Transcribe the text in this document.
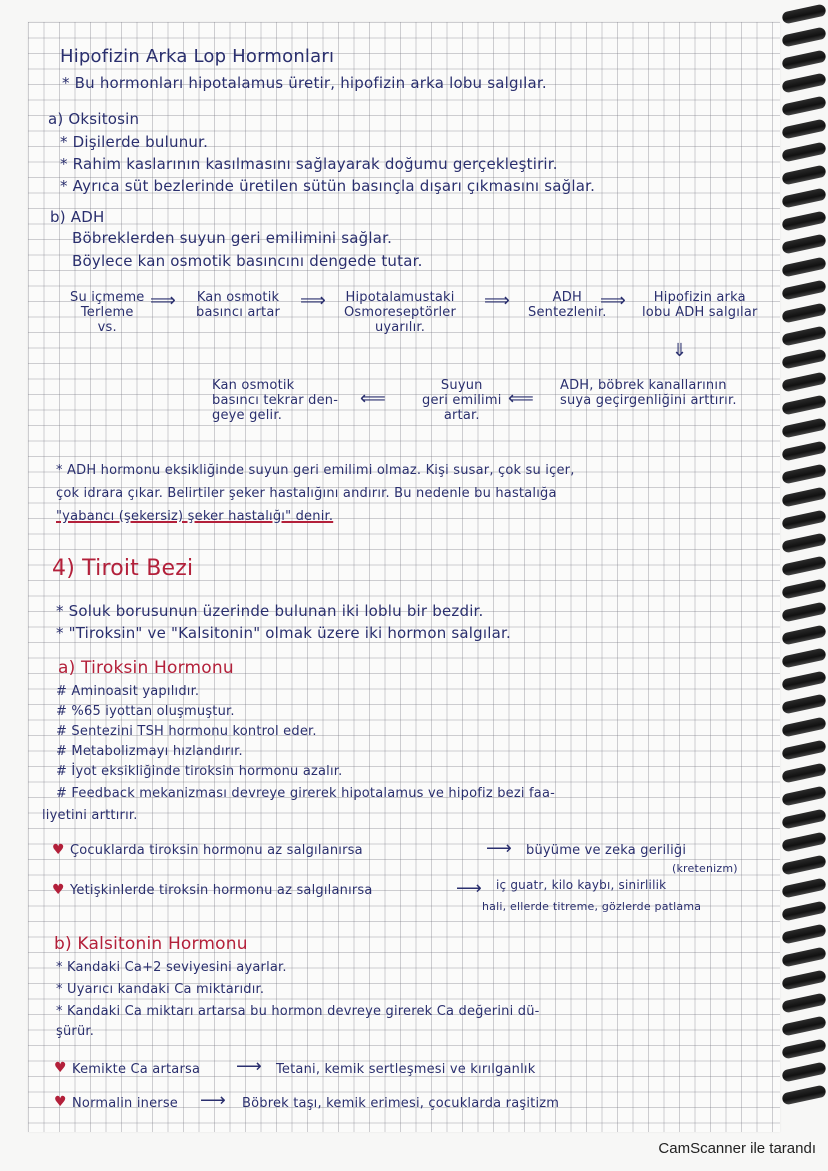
Hipofizin Arka Lop Hormonları
* Bu hormonları hipotalamus üretir, hipofizin arka lobu salgılar.
a) Oksitosin
* Dişilerde bulunur.
* Rahim kaslarının kasılmasını sağlayarak doğumu gerçekleştirir.
* Ayrıca süt bezlerinde üretilen sütün basınçla dışarı çıkmasını sağlar.
b) ADH
Böbreklerden suyun geri emilimini sağlar.
Böylece kan osmotik basıncını dengede tutar.
Su içmeme
Terleme
vs.
⟹ Kan osmotik
basıncı artar
⟹ Hipotalamustaki
Osmoreseptörler
uyarılır.
⟹	ADH
Sentezlenir.
⟹	Hipofizin arka
lobu ADH salgılar
⇓
ADH, böbrek kanallarının
suya geçirgenliğini arttırır.
⟸
Suyun
geri emilimi
artar.
⟸
Kan osmotik
basıncı tekrar den-
geye gelir.
* ADH hormonu eksikliğinde suyun geri emilimi olmaz. Kişi susar, çok su içer,
çok idrara çıkar. Belirtiler şeker hastalığını andırır. Bu nedenle bu hastalığa
"yabancı (şekersiz) şeker hastalığı" denir.
4) Tiroit Bezi
* Soluk borusunun üzerinde bulunan iki loblu bir bezdir.
* "Tiroksin" ve "Kalsitonin" olmak üzere iki hormon salgılar.
a) Tiroksin Hormonu
# Aminoasit yapılıdır.
# %65 iyottan oluşmuştur.
# Sentezini TSH hormonu kontrol eder.
# Metabolizmayı hızlandırır.
# İyot eksikliğinde tiroksin hormonu azalır.
# Feedback mekanizması devreye girerek hipotalamus ve hipofiz bezi faa-
liyetini arttırır.
♥ Çocuklarda tiroksin hormonu az salgılanırsa	⟶ büyüme ve zeka geriliği
(kretenizm)
♥ Yetişkinlerde tiroksin hormonu az salgılanırsa	⟶ iç guatr, kilo kaybı, sinirlilik
hali, ellerde titreme, gözlerde patlama
b) Kalsitonin Hormonu
* Kandaki Ca+2 seviyesini ayarlar.
* Uyarıcı kandaki Ca miktarıdır.
* Kandaki Ca miktarı artarsa bu hormon devreye girerek Ca değerini dü-
şürür.
♥ Kemikte Ca artarsa ⟶ Tetani, kemik sertleşmesi ve kırılganlık
♥ Normalin inerse ⟶ Böbrek taşı, kemik erimesi, çocuklarda raşitizm
CamScanner ile tarandı
